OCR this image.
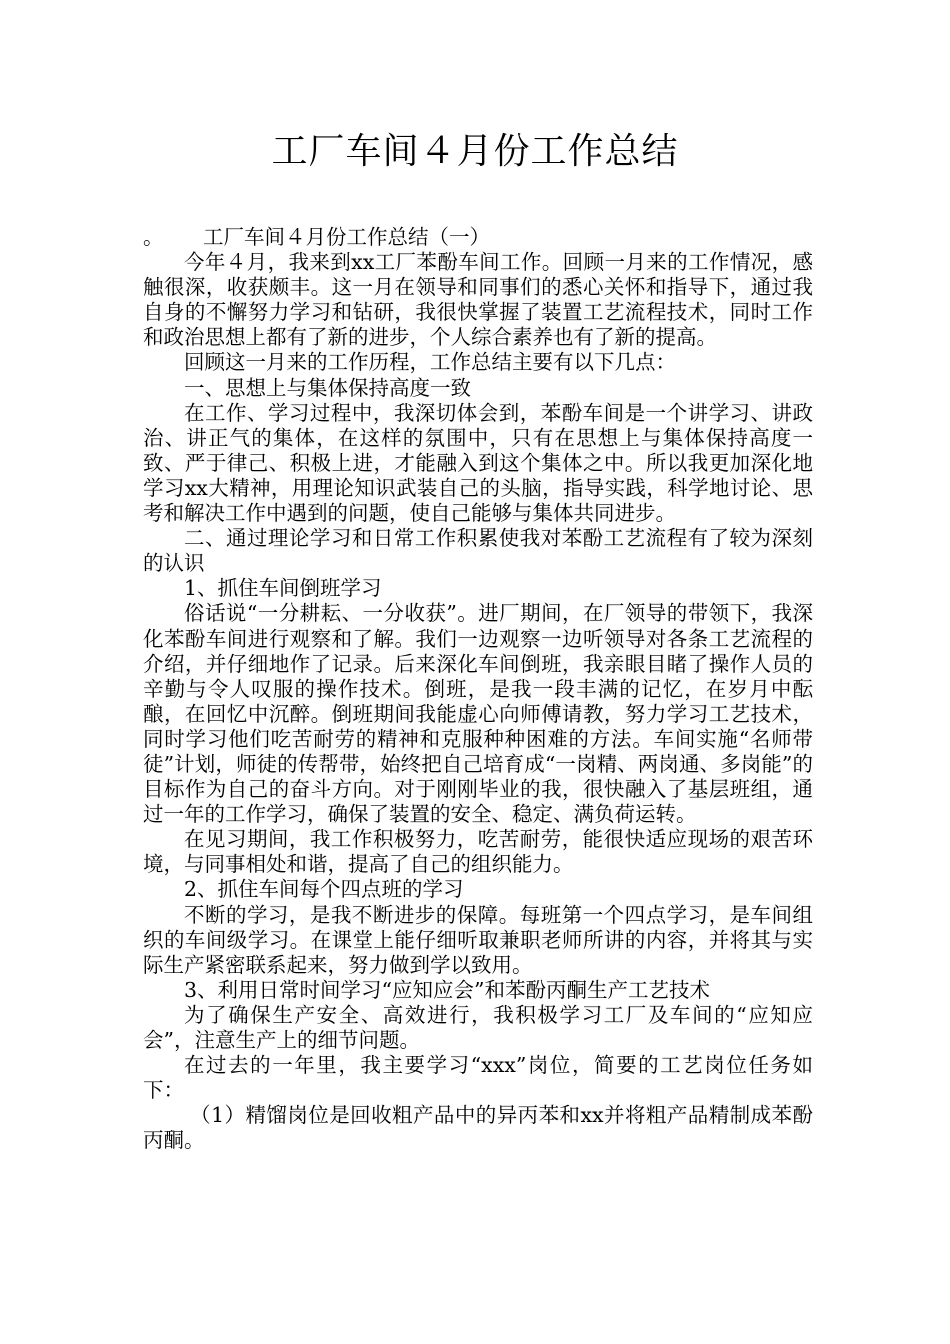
工厂车间４月份工作总结

。 工厂车间４月份工作总结（一）

今年４月，我来到xx工厂苯酚车间工作。回顾一月来的工作情况，感触很深，收获颇丰。这一月在领导和同事们的悉心关怀和指导下，通过我自身的不懈努力学习和钻研，我很快掌握了装置工艺流程技术，同时工作和政治思想上都有了新的进步，个人综合素养也有了新的提高。

回顾这一月来的工作历程，工作总结主要有以下几点：

一、思想上与集体保持高度一致

在工作、学习过程中，我深切体会到，苯酚车间是一个讲学习、讲政治、讲正气的集体，在这样的氛围中，只有在思想上与集体保持高度一致、严于律己、积极上进，才能融入到这个集体之中。所以我更加深化地学习xx大精神，用理论知识武装自己的头脑，指导实践，科学地讨论、思考和解决工作中遇到的问题，使自己能够与集体共同进步。

二、通过理论学习和日常工作积累使我对苯酚工艺流程有了较为深刻的认识

1、抓住车间倒班学习

俗话说“一分耕耘、一分收获”。进厂期间，在厂领导的带领下，我深化苯酚车间进行观察和了解。我们一边观察一边听领导对各条工艺流程的介绍，并仔细地作了记录。后来深化车间倒班，我亲眼目睹了操作人员的辛勤与令人叹服的操作技术。倒班，是我一段丰满的记忆，在岁月中酝酿，在回忆中沉醉。倒班期间我能虚心向师傅请教，努力学习工艺技术，同时学习他们吃苦耐劳的精神和克服种种困难的方法。车间实施“名师带徒”计划，师徒的传帮带，始终把自己培育成“一岗精、两岗通、多岗能”的目标作为自己的奋斗方向。对于刚刚毕业的我，很快融入了基层班组，通过一年的工作学习，确保了装置的安全、稳定、满负荷运转。

在见习期间，我工作积极努力，吃苦耐劳，能很快适应现场的艰苦环境，与同事相处和谐，提高了自己的组织能力。

2、抓住车间每个四点班的学习

不断的学习，是我不断进步的保障。每班第一个四点学习，是车间组织的车间级学习。在课堂上能仔细听取兼职老师所讲的内容，并将其与实际生产紧密联系起来，努力做到学以致用。

3、利用日常时间学习“应知应会”和苯酚丙酮生产工艺技术

为了确保生产安全、高效进行，我积极学习工厂及车间的“应知应会”，注意生产上的细节问题。

在过去的一年里，我主要学习“xxx”岗位，简要的工艺岗位任务如下：

（1）精馏岗位是回收粗产品中的异丙苯和xx并将粗产品精制成苯酚丙酮。
